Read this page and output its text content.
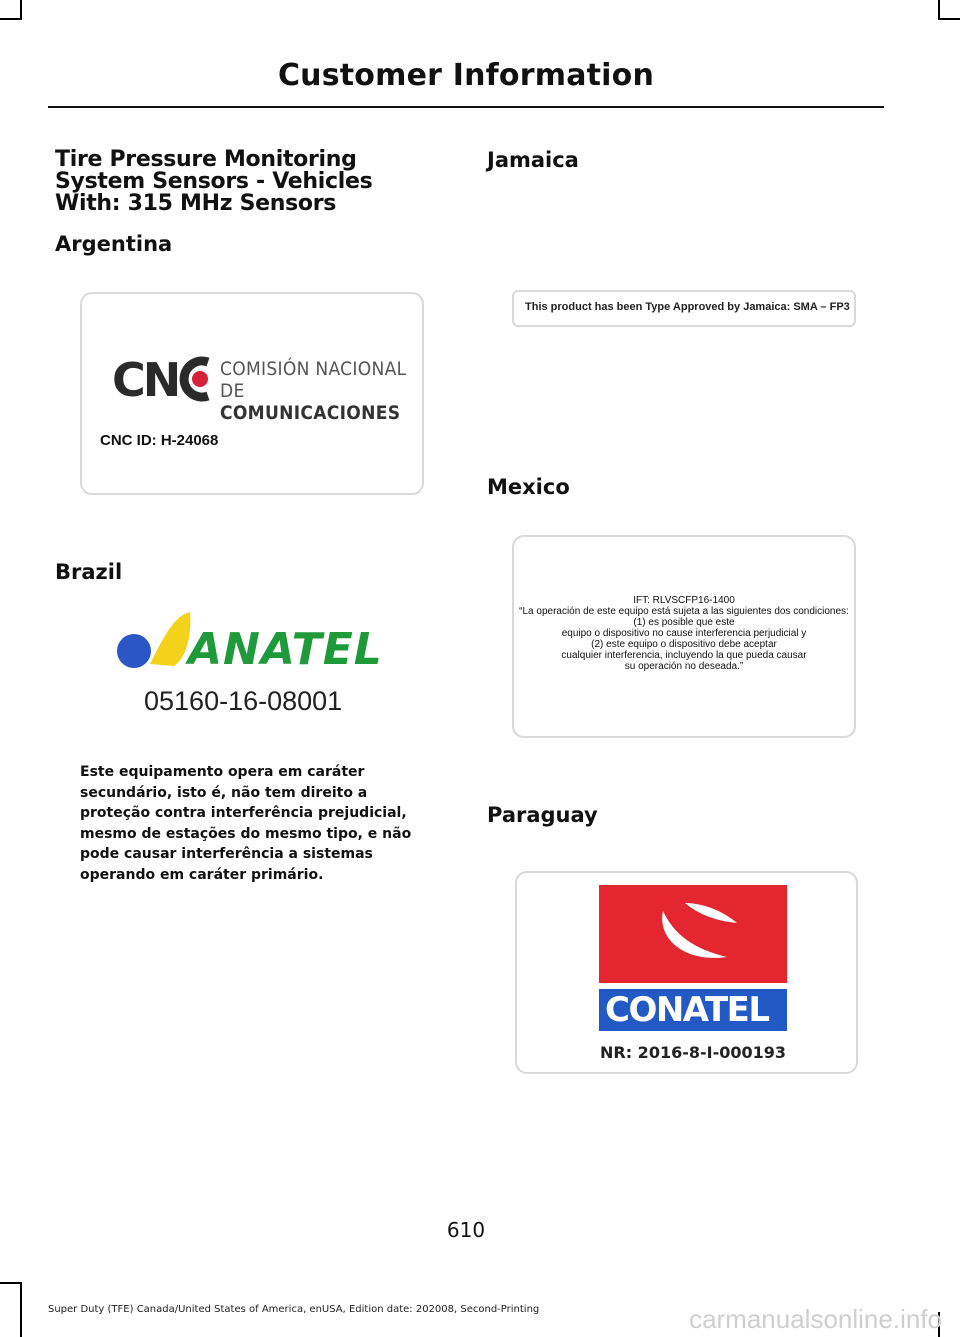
Customer Information
Tire Pressure Monitoring System Sensors - Vehicles With: 315 MHz Sensors
Argentina
CN COMISIÓN NACIONAL
DE COMUNICACIONES
CNC ID: H-24068
Brazil
ANATEL
05160-16-08001
Este equipamento opera em caráter secundário, isto é, não tem direito a proteção contra interferência prejudicial, mesmo de estações do mesmo tipo, e não pode causar interferência a sistemas operando em caráter primário.
Jamaica
This product has been Type Approved by Jamaica: SMA – FP3
Mexico
IFT: RLVSCFP16-1400
“La operación de este equipo está sujeta a las siguientes dos condiciones:
(1) es posible que este
equipo o dispositivo no cause interferencia perjudicial y
(2) este equipo o dispositivo debe aceptar
cualquier interferencia, incluyendo la que pueda causar
su operación no deseada.”
Paraguay
CONATEL
NR: 2016-8-I-000193
610
Super Duty (TFE) Canada/United States of America, enUSA, Edition date: 202008, Second-Printing	carmanualsonline.info
